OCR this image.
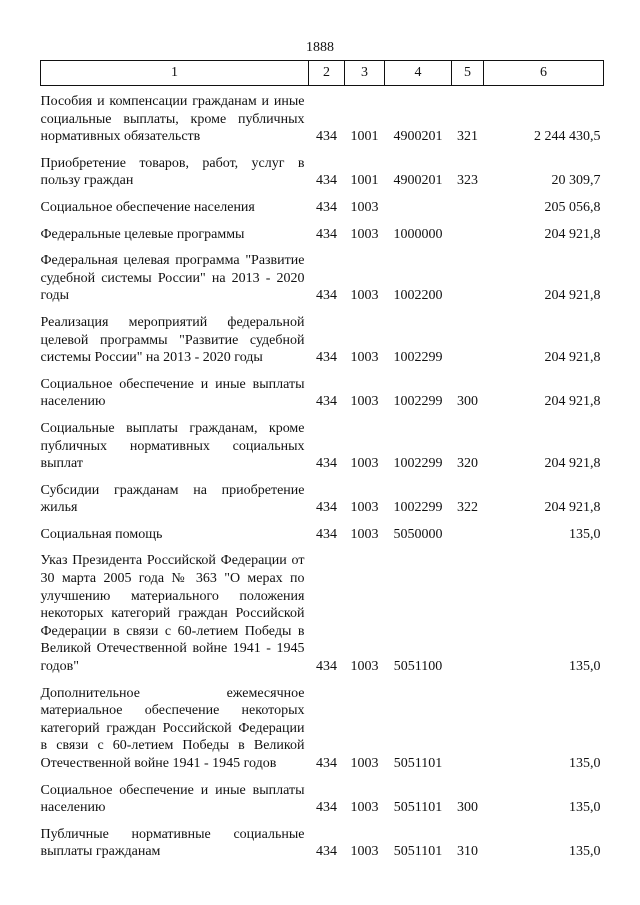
1888
1	2	3	4	5	6
Пособия и компенсации гражданам и иные социальные выплаты, кроме публичных нормативных обязательств	434	1001	4900201	321	2 244 430,5
Приобретение товаров, работ, услуг в пользу граждан	434	1001	4900201	323	20 309,7
Социальное обеспечение населения	434	1003			205 056,8
Федеральные целевые программы	434	1003	1000000		204 921,8
Федеральная целевая программа "Развитие судебной системы России" на 2013 - 2020 годы	434	1003	1002200		204 921,8
Реализация мероприятий федеральной целевой программы "Развитие судебной системы России" на 2013 - 2020 годы	434	1003	1002299		204 921,8
Социальное обеспечение и иные выплаты населению	434	1003	1002299	300	204 921,8
Социальные выплаты гражданам, кроме публичных нормативных социальных выплат	434	1003	1002299	320	204 921,8
Субсидии гражданам на приобретение жилья	434	1003	1002299	322	204 921,8
Социальная помощь	434	1003	5050000		135,0
Указ Президента Российской Федерации от 30 марта 2005 года № 363 "О мерах по улучшению материального положения некоторых категорий граждан Российской Федерации в связи с 60-летием Победы в Великой Отечественной войне 1941 - 1945 годов"	434	1003	5051100		135,0
Дополнительное ежемесячное материальное обеспечение некоторых категорий граждан Российской Федерации в связи с 60-летием Победы в Великой Отечественной войне 1941 - 1945 годов	434	1003	5051101		135,0
Социальное обеспечение и иные выплаты населению	434	1003	5051101	300	135,0
Публичные нормативные социальные выплаты гражданам	434	1003	5051101	310	135,0
